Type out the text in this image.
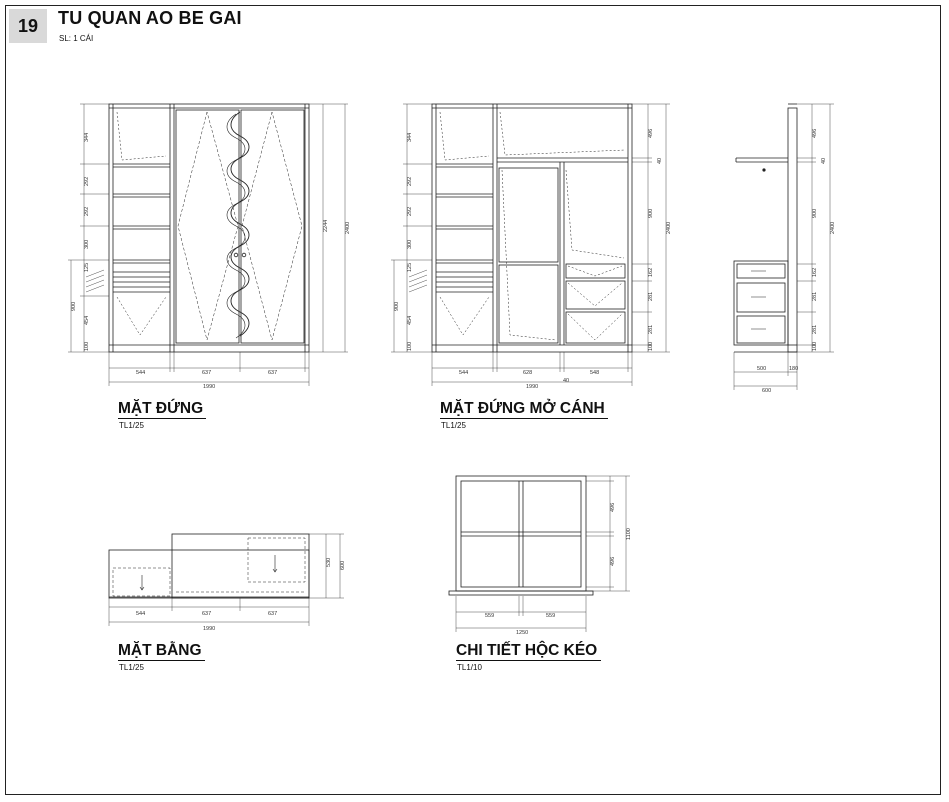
19	TU QUAN AO BE GAI
SL: 1 CÁI
544	637	637
1990
344
292
292
300
125
454
100
900
2244	2400
544	628	548
40
1990
344
292
292
300
125
454
100
900
496
40
900
162
281
281
100
2400
500	180
600
496
40
900
162
281
281
100
2400
544	637	637
1990
530 600
559	559
1250
496
496
1100
MẶT ĐỨNG
TL1/25
MẶT ĐỨNG MỞ CÁNH
TL1/25
MẶT BẰNG
TL1/25
CHI TIẾT HỘC KÉO
TL1/10
